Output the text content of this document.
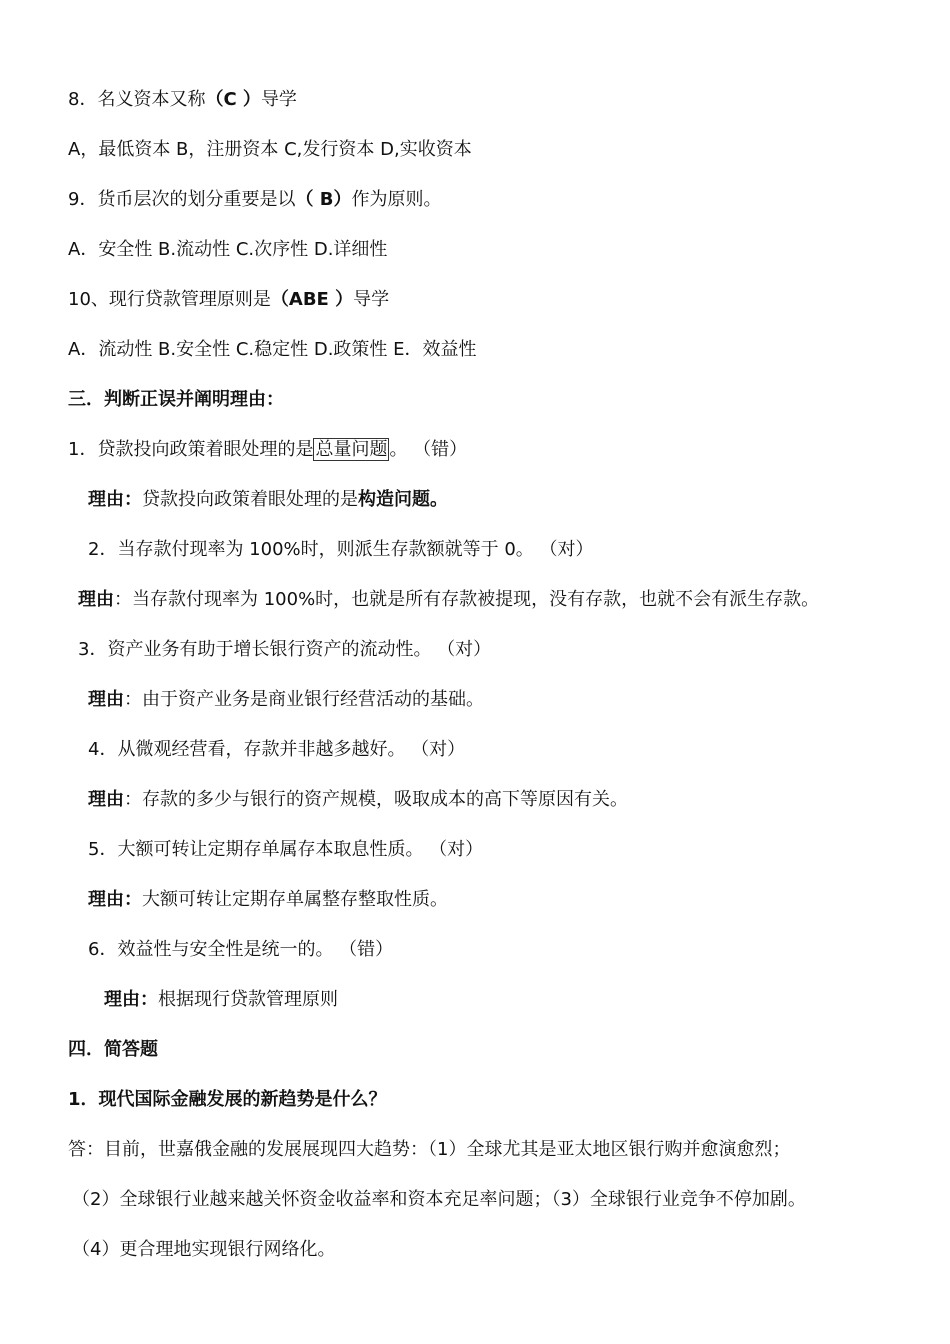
8．名义资本又称（C ）导学
A，最低资本 B，注册资本 C,发行资本 D,实收资本
9．货币层次的划分重要是以（ B）作为原则。
A．安全性 B.流动性 C.次序性 D.详细性
10、现行贷款管理原则是（ABE ）导学
A．流动性 B.安全性 C.稳定性 D.政策性 E．效益性
三．判断正误并阐明理由：
1．贷款投向政策着眼处理的是 总量问题 。 （错）
理由：贷款投向政策着眼处理的是构造问题。
2．当存款付现率为 100%时，则派生存款额就等于 0。 （对）
理由：当存款付现率为 100%时，也就是所有存款被提现，没有存款，也就不会有派生存款。
3．资产业务有助于增长银行资产的流动性。 （对）
理由：由于资产业务是商业银行经营活动的基础。
4．从微观经营看，存款并非越多越好。 （对）
理由：存款的多少与银行的资产规模，吸取成本的高下等原因有关。
5．大额可转让定期存单属存本取息性质。 （对）
理由：大额可转让定期存单属整存整取性质。
6．效益性与安全性是统一的。 （错）
理由：根据现行贷款管理原则
四．简答题
1．现代国际金融发展的新趋势是什么？
答：目前，世嘉俄金融的发展展现四大趋势：（1）全球尤其是亚太地区银行购并愈演愈烈；
（2）全球银行业越来越关怀资金收益率和资本充足率问题；（3）全球银行业竞争不停加剧。
（4）更合理地实现银行网络化。
